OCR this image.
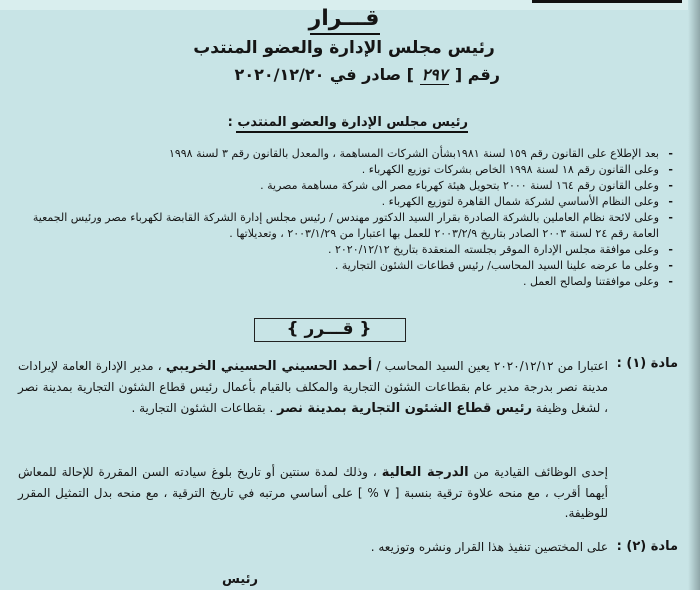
قـــرار
رئيس مجلس الإدارة والعضو المنتدب
رقم [ ٢٩٧ ] صادر في ٢٠٢٠/١٢/٢٠
رئيس مجلس الإدارة والعضو المنتدب :
-
بعد الإطلاع على القانون رقم ١٥٩ لسنة ١٩٨١بشأن الشركات المساهمة ، والمعدل بالقانون رقم ٣ لسنة ١٩٩٨
-
وعلى القانون رقم ١٨ لسنة ١٩٩٨ الخاص بشركات توزيع الكهرباء .
-
وعلى القانون رقم ١٦٤ لسنة ٢٠٠٠ بتحويل هيئة كهرباء مصر الى شركة مساهمة مصرية .
-
وعلى النظام الأساسي لشركة شمال القاهرة لتوزيع الكهرباء .
-
وعلى لائحة نظام العاملين بالشركة الصادرة بقرار السيد الدكتور مهندس / رئيس مجلس إدارة الشركة القابضة لكهرباء مصر ورئيس الجمعية العامة رقم ٢٤ لسنة ٢٠٠٣ الصادر بتاريخ ٢٠٠٣/٢/٩ للعمل بها اعتبارا من ٢٠٠٣/١/٢٩ ، وتعديلاتها .
-
وعلى موافقة مجلس الإدارة الموقر بجلسته المنعقدة بتاريخ ٢٠٢٠/١٢/١٢ .
-
وعلى ما عرضه علينا السيد المحاسب/ رئيس قطاعات الشئون التجارية .
-
وعلى موافقتنا ولصالح العمل .
{ قـــرر }
مادة (١) :
اعتبارا من ٢٠٢٠/١٢/١٢ يعين السيد المحاسب / أحمد الحسيني الحسيني الخريبي ، مدير الإدارة العامة لإيرادات مدينة نصر بدرجة مدير عام بقطاعات الشئون التجارية والمكلف بالقيام بأعمال رئيس قطاع الشئون التجارية بمدينة نصر ، لشغل وظيفة رئيس قطاع الشئون التجارية بمدينة نصر . بقطاعات الشئون التجارية .
إحدى الوظائف القيادية من الدرجة العالية ، وذلك لمدة سنتين أو تاريخ بلوغ سيادته السن المقررة للإحالة للمعاش أيهما أقرب ، مع منحه علاوة ترقية بنسبة [ ٧ % ] على أساسي مرتبه في تاريخ الترقية ، مع منحه بدل التمثيل المقرر للوظيفة.
مادة (٢) :
على المختصين تنفيذ هذا القرار ونشره وتوزيعه .
رئيس
